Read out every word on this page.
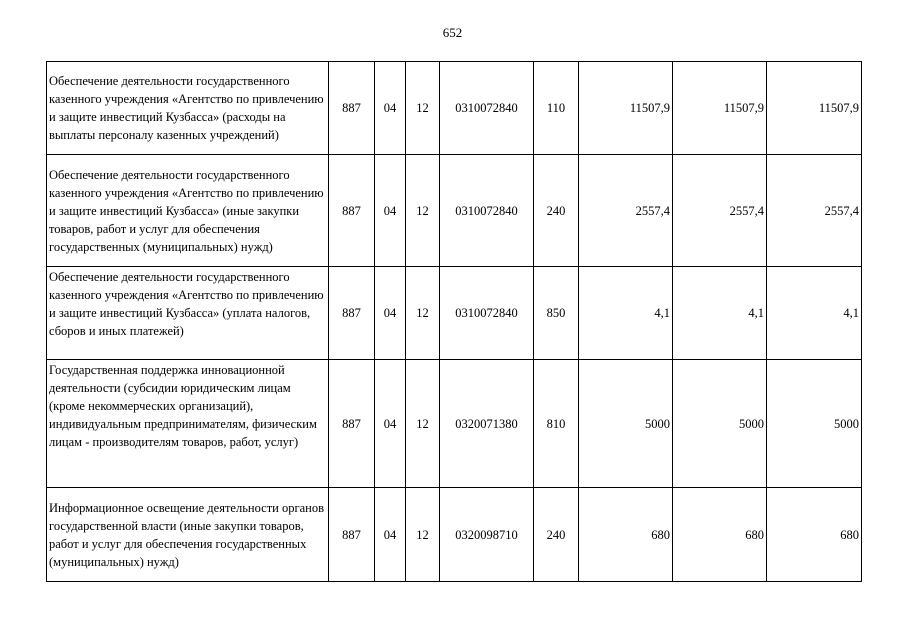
652
Обеспечение деятельности государственного казенного учреждения «Агентство по привлечению и защите инвестиций Кузбасса» (расходы на выплаты персоналу казенных учреждений)	887	04	12	0310072840	110	11507,9	11507,9	11507,9
Обеспечение деятельности государственного казенного учреждения «Агентство по привлечению и защите инвестиций Кузбасса» (иные закупки товаров, работ и услуг для обеспечения государственных (муниципальных) нужд)	887	04	12	0310072840	240	2557,4	2557,4	2557,4
Обеспечение деятельности государственного казенного учреждения «Агентство по привлечению и защите инвестиций Кузбасса» (уплата налогов, сборов и иных платежей)	887	04	12	0310072840	850	4,1	4,1	4,1
Государственная поддержка инновационной деятельности (субсидии юридическим лицам (кроме некоммерческих организаций), индивидуальным предпринимателям, физическим лицам - производителям товаров, работ, услуг)	887	04	12	0320071380	810	5000	5000	5000
Информационное освещение деятельности органов государственной власти (иные закупки товаров, работ и услуг для обеспечения государственных (муниципальных) нужд)	887	04	12	0320098710	240	680	680	680
